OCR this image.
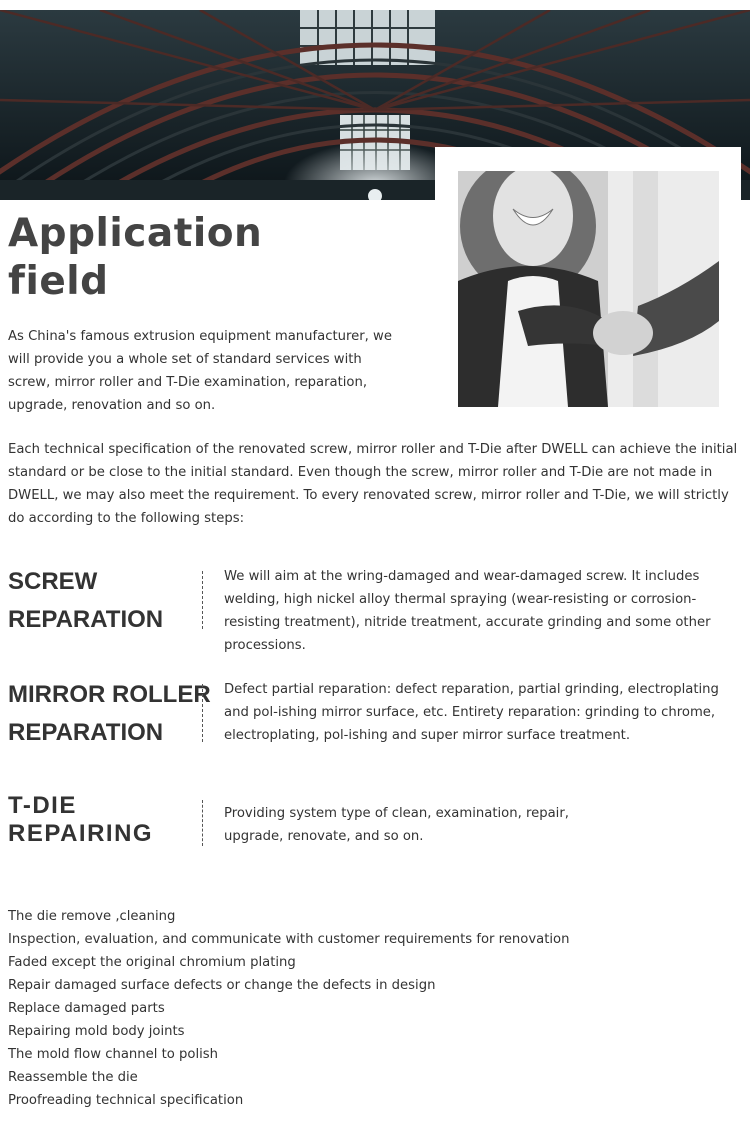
Application
field

As China's famous extrusion equipment manufacturer, we will provide you a whole set of standard services with screw, mirror roller and T-Die examination, reparation, upgrade, renovation and so on.

Each technical specification of the renovated screw, mirror roller and T-Die after DWELL can achieve the initial standard or be close to the initial standard. Even though the screw, mirror roller and T-Die are not made in DWELL, we may also meet the requirement. To every renovated screw, mirror roller and T-Die, we will strictly do according to the following steps:

SCREW
REPARATION

We will aim at the wring-damaged and wear-damaged screw. It includes welding, high nickel alloy thermal spraying (wear-resisting or corrosion-resisting treatment), nitride treatment, accurate grinding and some other processions.

MIRROR ROLLER
REPARATION

Defect partial reparation: defect reparation, partial grinding, electroplating and pol-ishing mirror surface, etc. Entirety reparation: grinding to chrome, electroplating, pol-ishing and super mirror surface treatment.

T-DIE
REPAIRING

Providing system type of clean, examination, repair, upgrade, renovate, and so on.

The die remove ,cleaning
Inspection, evaluation, and communicate with customer requirements for renovation
Faded except the original chromium plating
Repair damaged surface defects or change the defects in design
Replace damaged parts
Repairing mold body joints
The mold flow channel to polish
Reassemble the die
Proofreading technical specification
